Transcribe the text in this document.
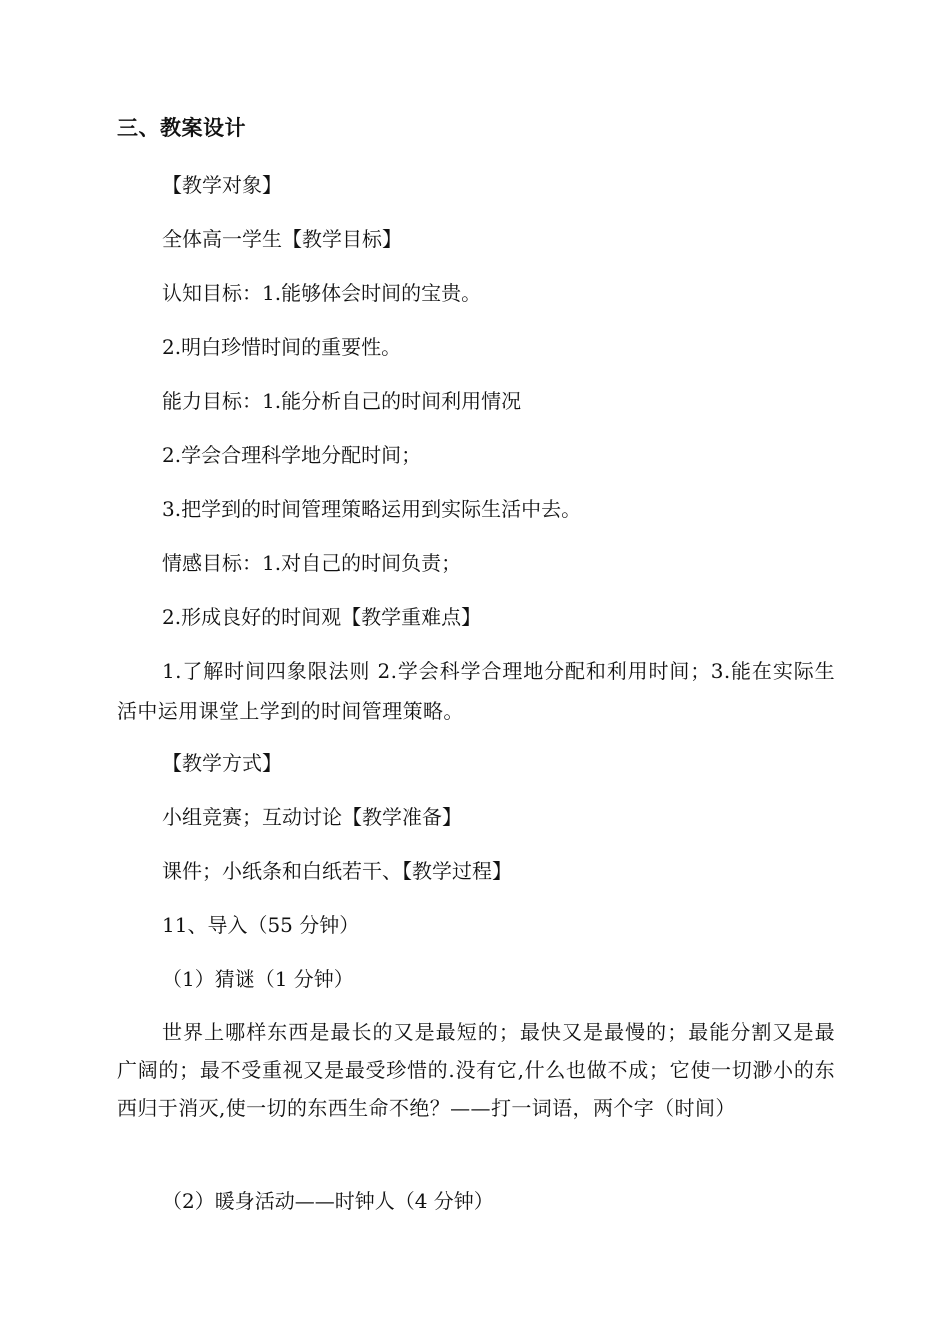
三、教案设计
【教学对象】
全体高一学生【教学目标】
认知目标：1.能够体会时间的宝贵。
2.明白珍惜时间的重要性。
能力目标：1.能分析自己的时间利用情况
2.学会合理科学地分配时间；
3.把学到的时间管理策略运用到实际生活中去。
情感目标：1.对自己的时间负责；
2.形成良好的时间观【教学重难点】
1.了解时间四象限法则 2.学会科学合理地分配和利用时间；3.能在实际生活中运用课堂上学到的时间管理策略。
【教学方式】
小组竞赛；互动讨论【教学准备】
课件；小纸条和白纸若干、【教学过程】
11、导入（55 分钟）
（1）猜谜（1 分钟）
世界上哪样东西是最长的又是最短的；最快又是最慢的；最能分割又是最广阔的；最不受重视又是最受珍惜的.没有它,什么也做不成；它使一切渺小的东西归于消灭,使一切的东西生命不绝？——打一词语，两个字（时间）
（2）暖身活动——时钟人（4 分钟）
